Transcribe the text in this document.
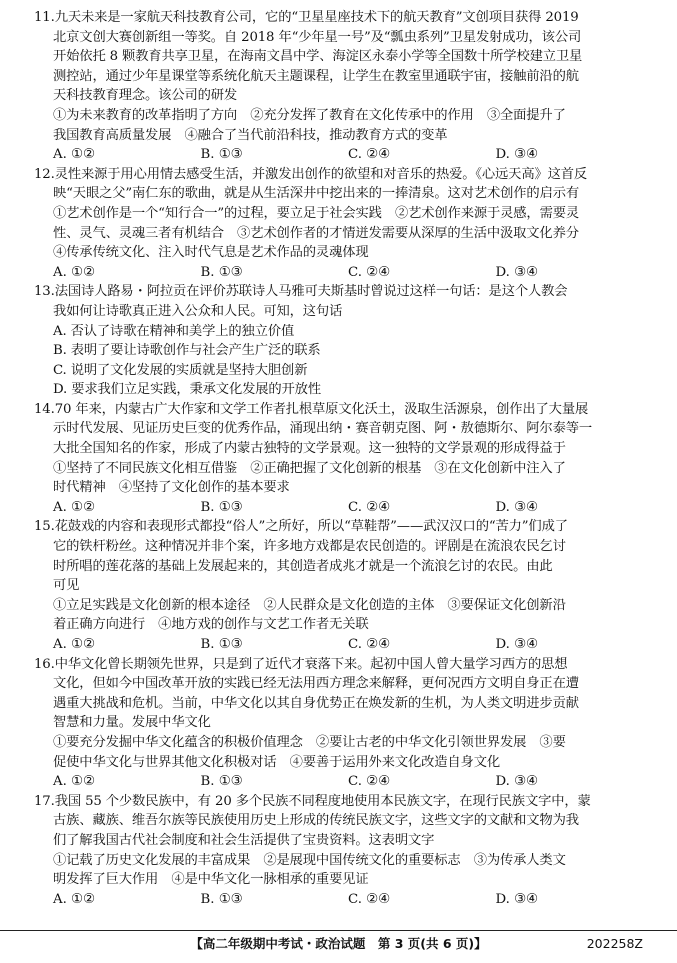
11.九天未来是一家航天科技教育公司，它的“卫星星座技术下的航天教育”文创项目获得 2019
北京文创大赛创新组一等奖。自 2018 年“少年星一号”及“瓢虫系列”卫星发射成功，该公司
开始依托 8 颗教育共享卫星，在海南文昌中学、海淀区永泰小学等全国数十所学校建立卫星
测控站，通过少年星课堂等系统化航天主题课程，让学生在教室里通联宇宙，接触前沿的航
天科技教育理念。该公司的研发
①为未来教育的改革指明了方向　②充分发挥了教育在文化传承中的作用　③全面提升了
我国教育高质量发展　④融合了当代前沿科技，推动教育方式的变革
A. ①②	B. ①③	C. ②④	D. ③④
12.灵性来源于用心用情去感受生活，并激发出创作的欲望和对音乐的热爱。《心远天高》这首反
映“天眼之父”南仁东的歌曲，就是从生活深井中挖出来的一捧清泉。这对艺术创作的启示有
①艺术创作是一个“知行合一”的过程，要立足于社会实践　②艺术创作来源于灵感，需要灵
性、灵气、灵魂三者有机结合　③艺术创作者的才情迸发需要从深厚的生活中汲取文化养分
④传承传统文化、注入时代气息是艺术作品的灵魂体现
A. ①②	B. ①③	C. ②④	D. ③④
13.法国诗人路易・阿拉贡在评价苏联诗人马雅可夫斯基时曾说过这样一句话：是这个人教会
我如何让诗歌真正进入公众和人民。可知，这句话
A. 否认了诗歌在精神和美学上的独立价值
B. 表明了要让诗歌创作与社会产生广泛的联系
C. 说明了文化发展的实质就是坚持大胆创新
D. 要求我们立足实践，秉承文化发展的开放性
14.70 年来，内蒙古广大作家和文学工作者扎根草原文化沃土，汲取生活源泉，创作出了大量展
示时代发展、见证历史巨变的优秀作品，涌现出纳・赛音朝克图、阿・敖德斯尔、阿尔泰等一
大批全国知名的作家，形成了内蒙古独特的文学景观。这一独特的文学景观的形成得益于
①坚持了不同民族文化相互借鉴　②正确把握了文化创新的根基　③在文化创新中注入了
时代精神　④坚持了文化创作的基本要求
A. ①②	B. ①③	C. ②④	D. ③④
15.花鼓戏的内容和表现形式都投“俗人”之所好，所以“草鞋帮”——武汉汉口的“苦力”们成了
它的铁杆粉丝。这种情况并非个案，许多地方戏都是农民创造的。评剧是在流浪农民乞讨
时所唱的莲花落的基础上发展起来的，其创造者成兆才就是一个流浪乞讨的农民。由此
可见
①立足实践是文化创新的根本途径　②人民群众是文化创造的主体　③要保证文化创新沿
着正确方向进行　④地方戏的创作与文艺工作者无关联
A. ①②	B. ①③	C. ②④	D. ③④
16.中华文化曾长期领先世界，只是到了近代才衰落下来。起初中国人曾大量学习西方的思想
文化，但如今中国改革开放的实践已经无法用西方理念来解释，更何况西方文明自身正在遭
遇重大挑战和危机。当前，中华文化以其自身优势正在焕发新的生机，为人类文明进步贡献
智慧和力量。发展中华文化
①要充分发掘中华文化蕴含的积极价值理念　②要让古老的中华文化引领世界发展　③要
促使中华文化与世界其他文化积极对话　④要善于运用外来文化改造自身文化
A. ①②	B. ①③	C. ②④	D. ③④
17.我国 55 个少数民族中，有 20 多个民族不同程度地使用本民族文字，在现行民族文字中，蒙
古族、藏族、维吾尔族等民族使用历史上形成的传统民族文字，这些文字的文献和文物为我
们了解我国古代社会制度和社会生活提供了宝贵资料。这表明文字
①记载了历史文化发展的丰富成果　②是展现中国传统文化的重要标志　③为传承人类文
明发挥了巨大作用　④是中华文化一脉相承的重要见证
A. ①②	B. ①③	C. ②④	D. ③④
【高二年级期中考试・政治试题　第 3 页(共 6 页)】	202258Z
